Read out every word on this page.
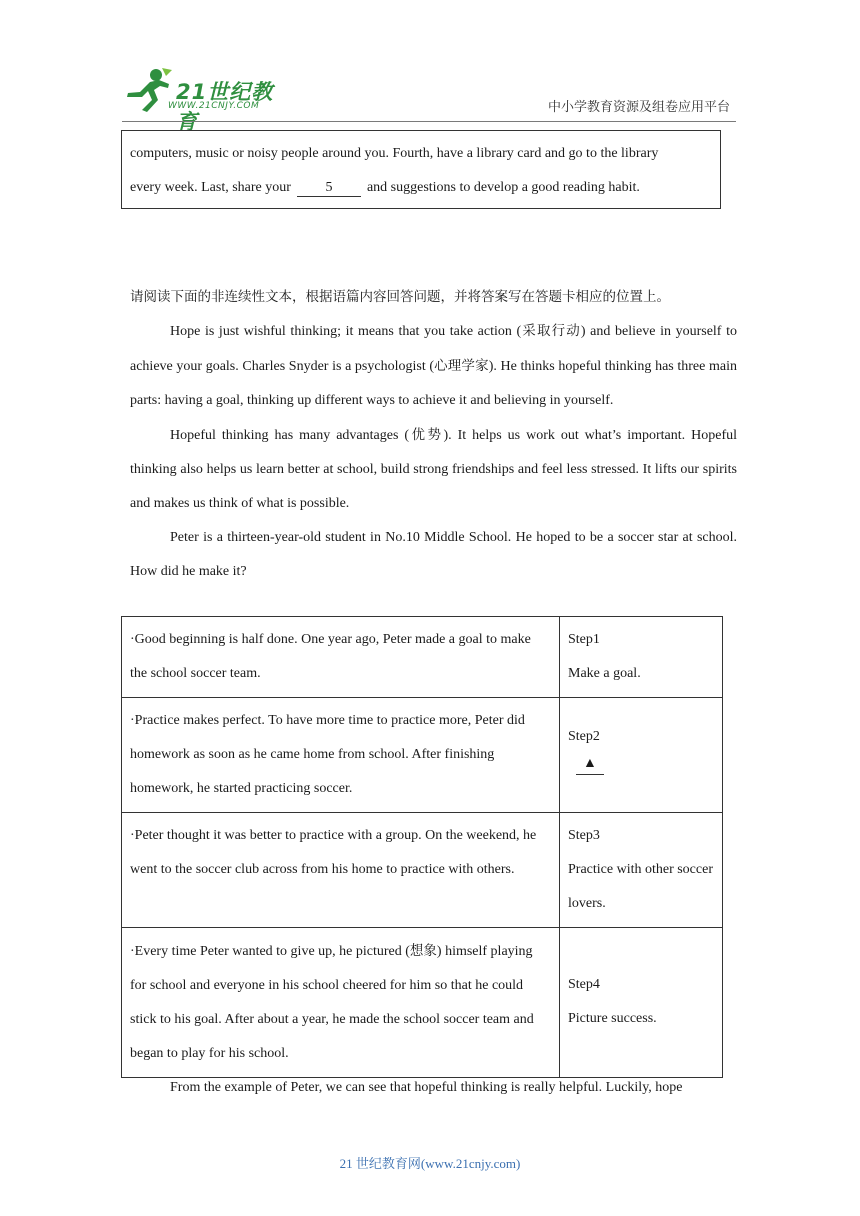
21世纪教育
WWW.21CNJY.COM	中小学教育资源及组卷应用平台
computers, music or noisy people around you. Fourth, have a library card and go to the library
every week. Last, share your 5 and suggestions to develop a good reading habit.

请阅读下面的非连续性文本，根据语篇内容回答问题，并将答案写在答题卡相应的位置上。

Hope is just wishful thinking; it means that you take action (采取行动) and believe in yourself to achieve your goals. Charles Snyder is a psychologist (心理学家). He thinks hopeful thinking has three main parts: having a goal, thinking up different ways to achieve it and believing in yourself.

Hopeful thinking has many advantages (优势). It helps us work out what’s important. Hopeful thinking also helps us learn better at school, build strong friendships and feel less stressed. It lifts our spirits and makes us think of what is possible.

Peter is a thirteen-year-old student in No.10 Middle School. He hoped to be a soccer star at school. How did he make it?

·Good beginning is half done. One year ago, Peter made a goal to make the school soccer team.	Step1
Make a goal.

·Practice makes perfect. To have more time to practice more, Peter did homework as soon as he came home from school. After finishing homework, he started practicing soccer.	Step2
▲

·Peter thought it was better to practice with a group. On the weekend, he went to the soccer club across from his home to practice with others.	Step3
Practice with other soccer lovers.

·Every time Peter wanted to give up, he pictured (想象) himself playing for school and everyone in his school cheered for him so that he could stick to his goal. After about a year, he made the school soccer team and began to play for his school.	Step4
Picture success.
From the example of Peter, we can see that hopeful thinking is really helpful. Luckily, hope
21 世纪教育网(www.21cnjy.com)
